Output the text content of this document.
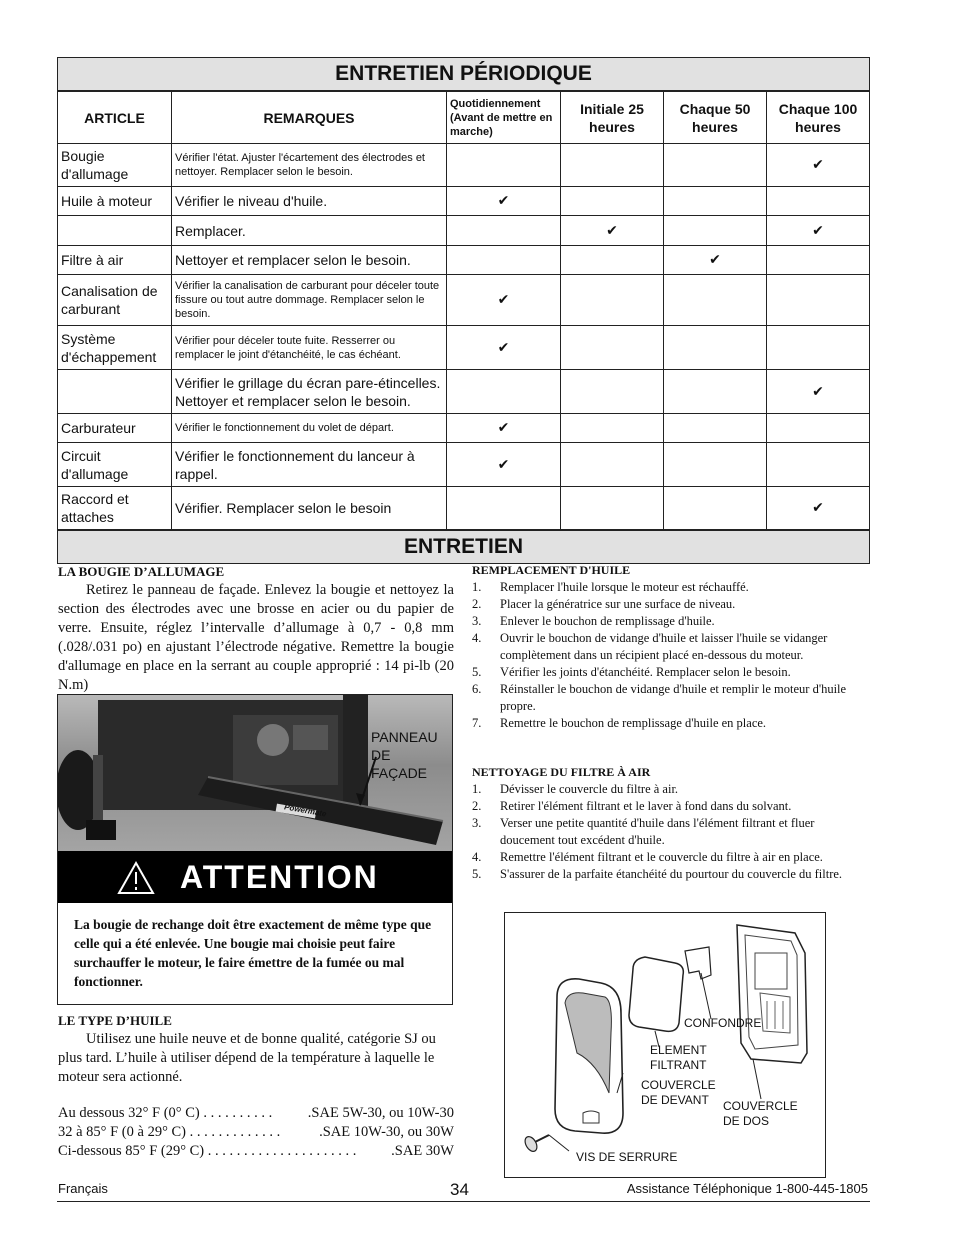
ENTRETIEN PÉRIODIQUE
ARTICLE	REMARQUES	Quotidiennement (Avant de mettre en marche)	Initiale 25 heures	Chaque 50 heures	Chaque 100 heures
Bougie d'allumage	Vérifier l'état. Ajuster l'écartement des électrodes et nettoyer. Remplacer selon le besoin.				✔
Huile à moteur	Vérifier le niveau d'huile.	✔			
	Remplacer.		✔		✔
Filtre à air	Nettoyer et remplacer selon le besoin.			✔	
Canalisation de carburant	Vérifier la canalisation de carburant pour déceler toute fissure ou tout autre dommage. Remplacer selon le besoin.	✔			
Système d'échappement	Vérifier pour déceler toute fuite. Resserrer ou remplacer le joint d'étanchéité, le cas échéant.	✔			
	Vérifier le grillage du écran pare-étincelles. Nettoyer et remplacer selon le besoin.				✔
Carburateur	Vérifier le fonctionnement du volet de départ.	✔			
Circuit d'allumage	Vérifier le fonctionnement du lanceur à rappel.	✔			
Raccord et attaches	Vérifier. Remplacer selon le besoin				✔
ENTRETIEN
LA BOUGIE D’ALLUMAGE
Retirez le panneau de façade. Enlevez la bougie et nettoyez la section des électrodes avec une brosse en acier ou du papier de verre. Ensuite, réglez l’intervalle d’allumage à 0,7 - 0,8 mm (.028/.031 po) en ajustant l’électrode négative. Remettre la bougie d'allumage en place en la serrant au couple approprié : 14 pi-lb (20 N.m)
PANNEAU DE FAÇADE
Powermate
ATTENTION
La bougie de rechange doit être exactement de même type que celle qui a été enlevée. Une bougie mai choisie peut faire surchauffer le moteur, le faire émettre de la fumée ou mal fonctionner.
LE TYPE D’HUILE
Utilisez une huile neuve et de bonne qualité, catégorie SJ ou plus tard. L’huile à utiliser dépend de la température à laquelle le moteur sera actionné.
Au dessous 32° F (0° C) . . . . . . . . . . .SAE 5W-30, ou 10W-30
32 à 85° F (0 à 29° C) . . . . . . . . . . . . .	.SAE 10W-30, ou 30W
Ci-dessous 85° F (29° C) . . . . . . . . . . . . . . . . . . . . . .SAE 30W
REMPLACEMENT D'HUILE
1. Remplacer l'huile lorsque le moteur est réchauffé.
2. Placer la génératrice sur une surface de niveau.
3. Enlever le bouchon de remplissage d'huile.
4. Ouvrir le bouchon de vidange d'huile et laisser l'huile se vidanger complètement dans un récipient placé en-dessous du moteur.
5. Vérifier les joints d'étanchéité. Remplacer selon le besoin.
6. Réinstaller le bouchon de vidange d'huile et remplir le moteur d'huile propre.
7. Remettre le bouchon de remplissage d'huile en place.
NETTOYAGE DU FILTRE À AIR
1. Dévisser le couvercle du filtre à air.
2. Retirer l'élément filtrant et le laver à fond dans du solvant.
3. Verser une petite quantité d'huile dans l'élément filtrant et fluer doucement tout excédent d'huile.
4. Remettre l'élément filtrant et le couvercle du filtre à air en place.
5. S'assurer de la parfaite étanchéité du pourtour du couvercle du filtre.
CONFONDRE
ELEMENT FILTRANT
COUVERCLE DE DEVANT	COUVERCLE DE DOS
VIS DE SERRURE
Français	34	Assistance Téléphonique 1-800-445-1805
